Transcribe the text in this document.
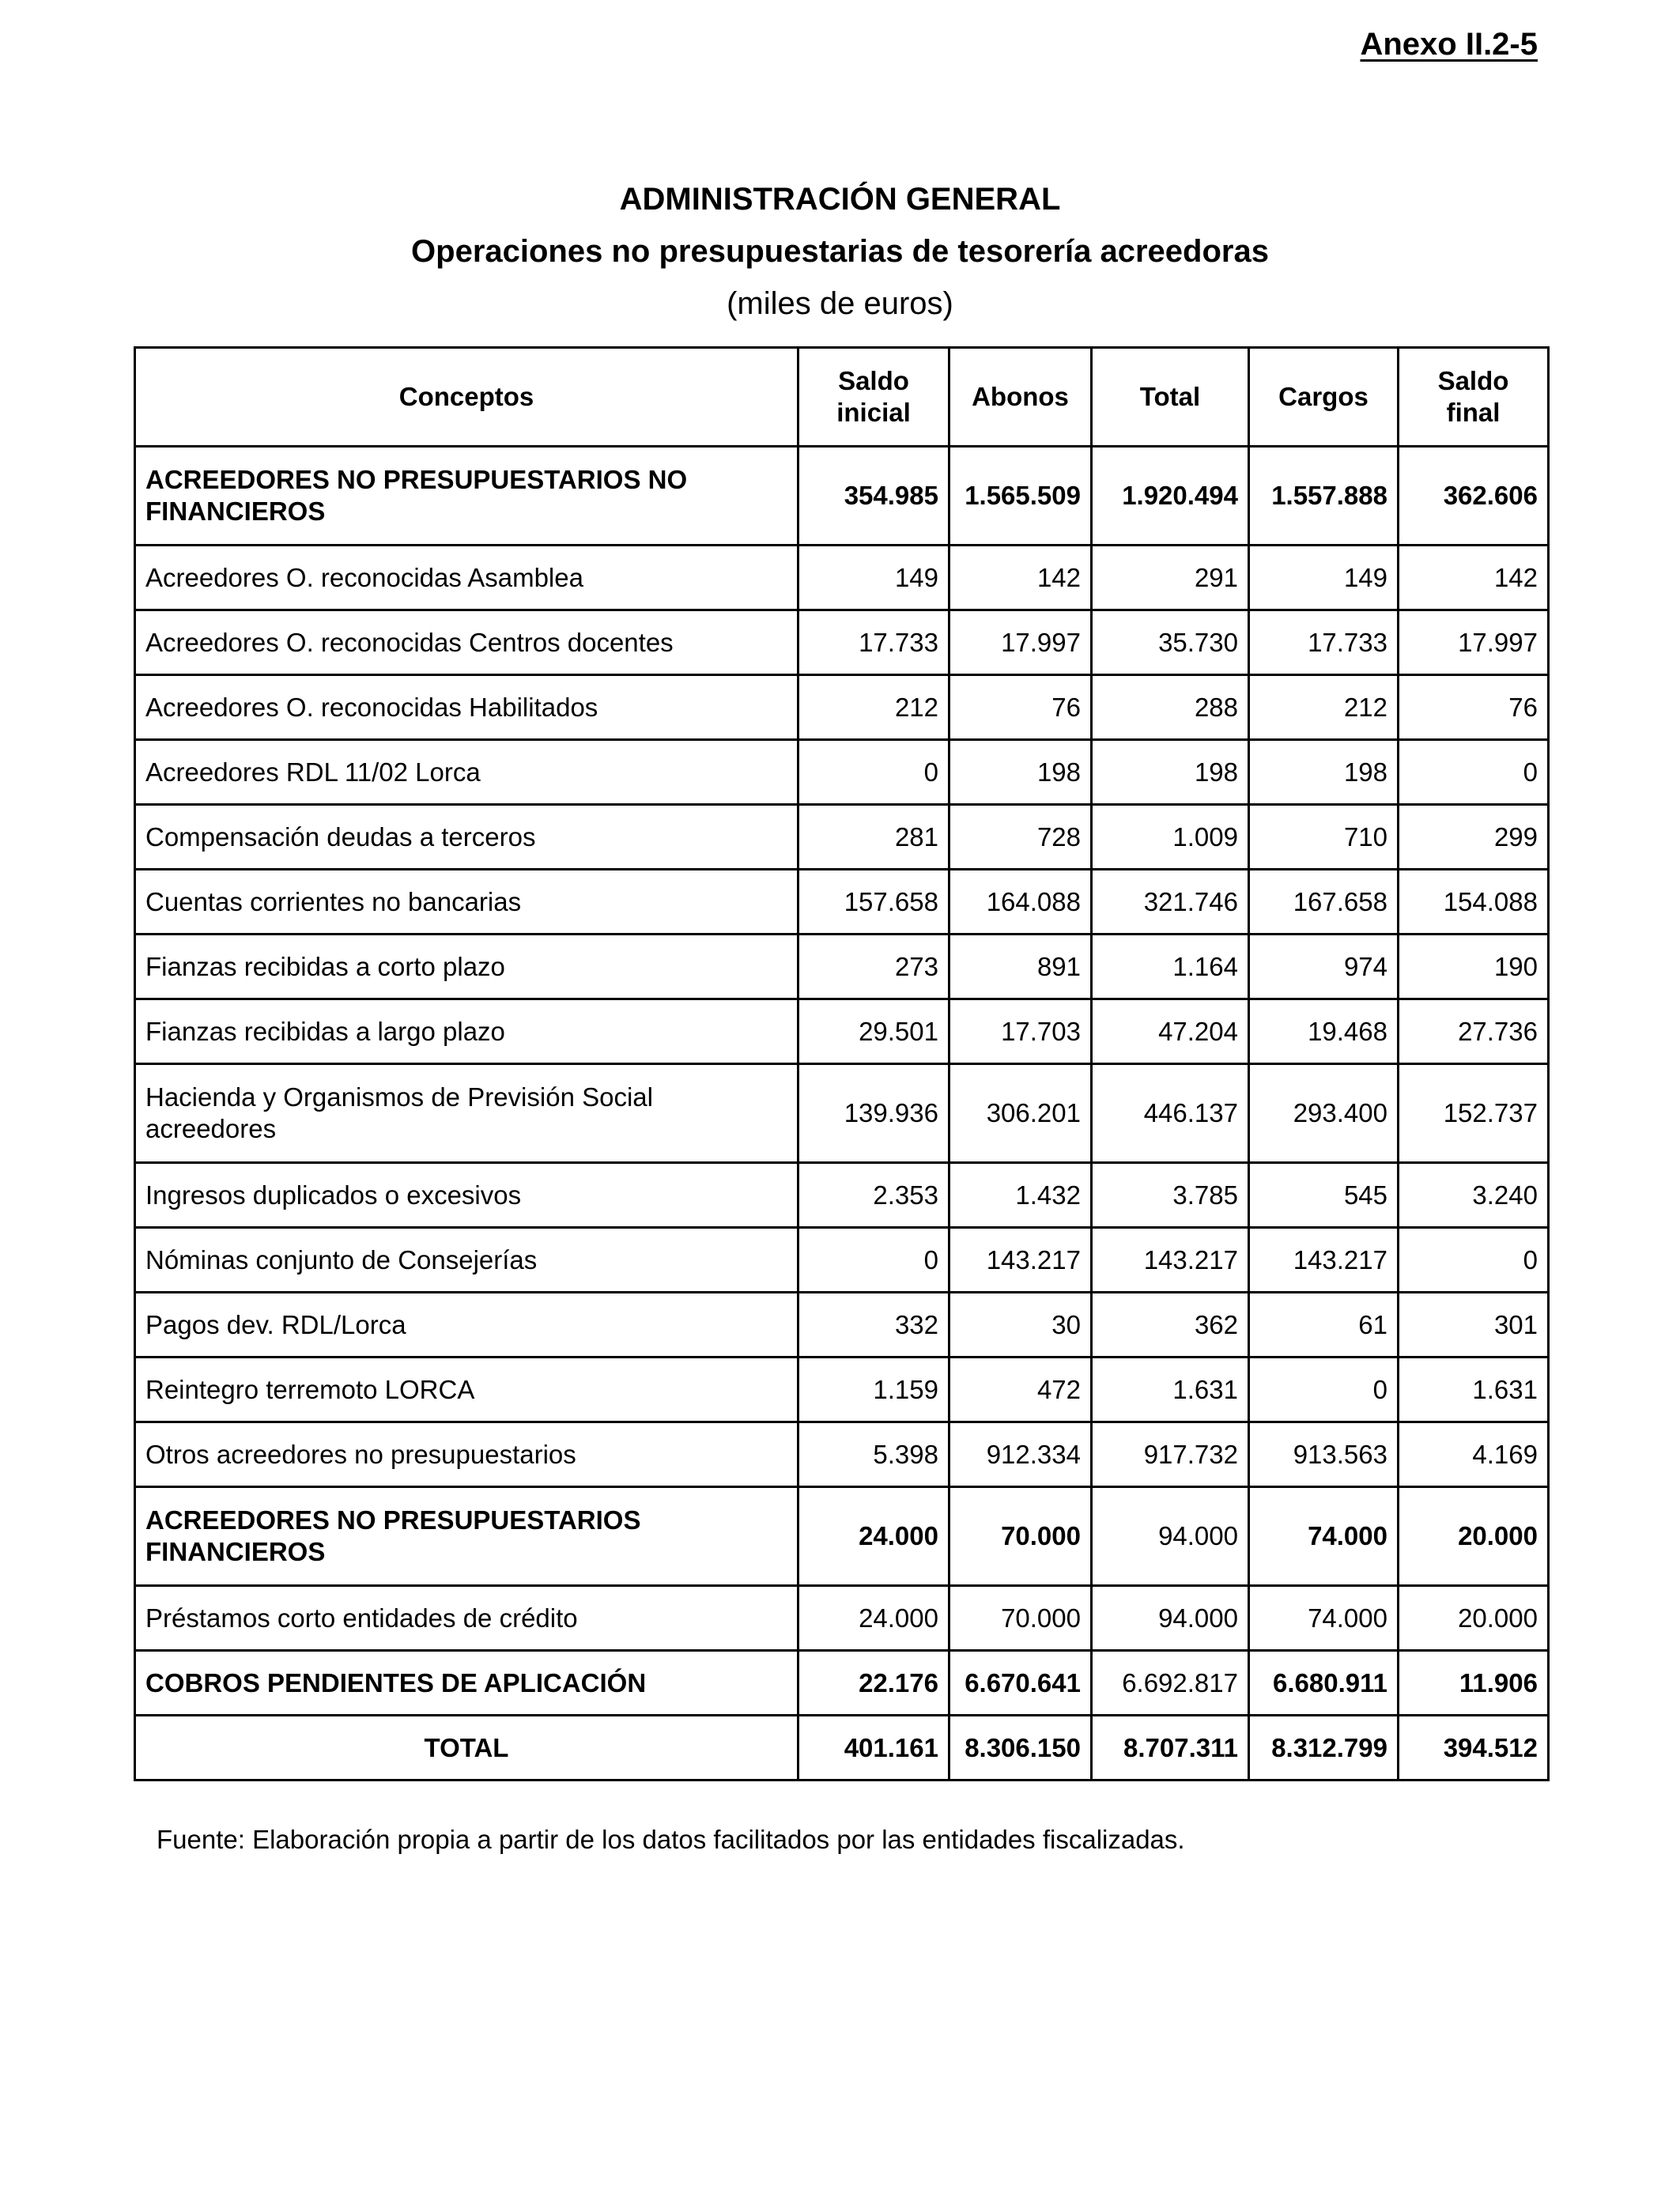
Anexo II.2-5
ADMINISTRACIÓN GENERAL
Operaciones no presupuestarias de tesorería acreedoras
(miles de euros)
Conceptos	Saldo inicial	Abonos	Total	Cargos	Saldo final
ACREEDORES NO PRESUPUESTARIOS NO FINANCIEROS	354.985	1.565.509	1.920.494	1.557.888	362.606
Acreedores O. reconocidas Asamblea	149	142	291	149	142
Acreedores O. reconocidas Centros docentes	17.733	17.997	35.730	17.733	17.997
Acreedores O. reconocidas Habilitados	212	76	288	212	76
Acreedores RDL 11/02 Lorca	0	198	198	198	0
Compensación deudas a terceros	281	728	1.009	710	299
Cuentas corrientes no bancarias	157.658	164.088	321.746	167.658	154.088
Fianzas recibidas a corto plazo	273	891	1.164	974	190
Fianzas recibidas a largo plazo	29.501	17.703	47.204	19.468	27.736
Hacienda y Organismos de Previsión Social acreedores	139.936	306.201	446.137	293.400	152.737
Ingresos duplicados o excesivos	2.353	1.432	3.785	545	3.240
Nóminas conjunto de Consejerías	0	143.217	143.217	143.217	0
Pagos dev. RDL/Lorca	332	30	362	61	301
Reintegro terremoto LORCA	1.159	472	1.631	0	1.631
Otros acreedores no presupuestarios	5.398	912.334	917.732	913.563	4.169
ACREEDORES NO PRESUPUESTARIOS FINANCIEROS	24.000	70.000	94.000	74.000	20.000
Préstamos corto entidades de crédito	24.000	70.000	94.000	74.000	20.000
COBROS PENDIENTES DE APLICACIÓN	22.176	6.670.641	6.692.817	6.680.911	11.906
TOTAL	401.161	8.306.150	8.707.311	8.312.799	394.512
Fuente: Elaboración propia a partir de los datos facilitados por las entidades fiscalizadas.
